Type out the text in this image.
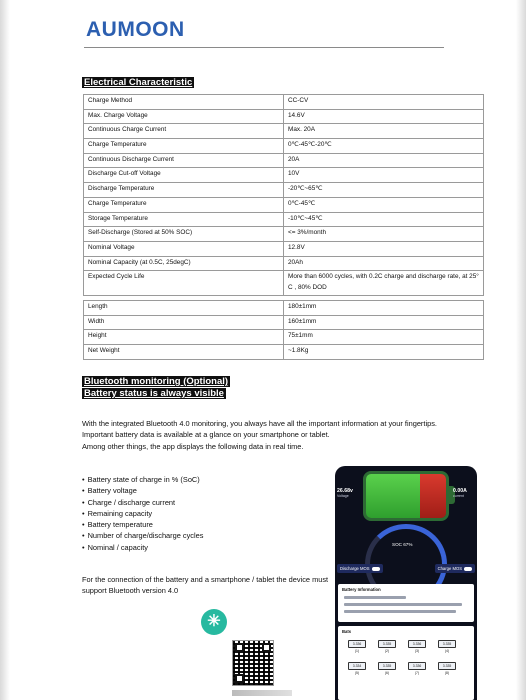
AUMOON
Electrical Characteristic
Charge Method	CC-CV
Max. Charge Voltage	14.6V
Continuous Charge Current	Max. 20A
Charge Temperature	0℃-45℃-20℃
Continuous Discharge Current	20A
Discharge Cut-off Voltage	10V
Discharge Temperature	-20℃~65℃
Charge Temperature	0℃-45℃
Storage Temperature	-10℃~45℃
Self-Discharge (Stored at 50% SOC)	<= 3%/month
Nominal Voltage	12.8V
Nominal Capacity (at 0.5C, 25degC)	20Ah
Expected Cycle Life	More than 6000 cycles, with 0.2C charge and discharge rate, at 25° C , 80% DOD

Length	180±1mm
Width	160±1mm
Height	75±1mm
Net Weight	~1.8Kg
Bluetooth monitoring (Optional)
Battery status is always visible
With the integrated Bluetooth 4.0 monitoring, you always have all the important information at your fingertips.
Important battery data is available at a glance on your smartphone or tablet.
Among other things, the app displays the following data in real time.
• Battery state of charge in % (SoC)
• Battery voltage
• Charge / discharge current
• Remaining capacity
• Battery temperature
• Number of charge/discharge cycles
• Nominal / capacity
For the connection of the battery and a smartphone / tablet the device must support Bluetooth version 4.0
✳
26.68v
Voltage
0.00A
current
SOC 67%
Discharge MOS	Charge MOS
Battery Information
Bats
3.336
(1)
3.335
(2)
3.336
(3)
3.335
(4)
3.334
(5)
3.335
(6)
3.336
(7)
3.335
(8)
